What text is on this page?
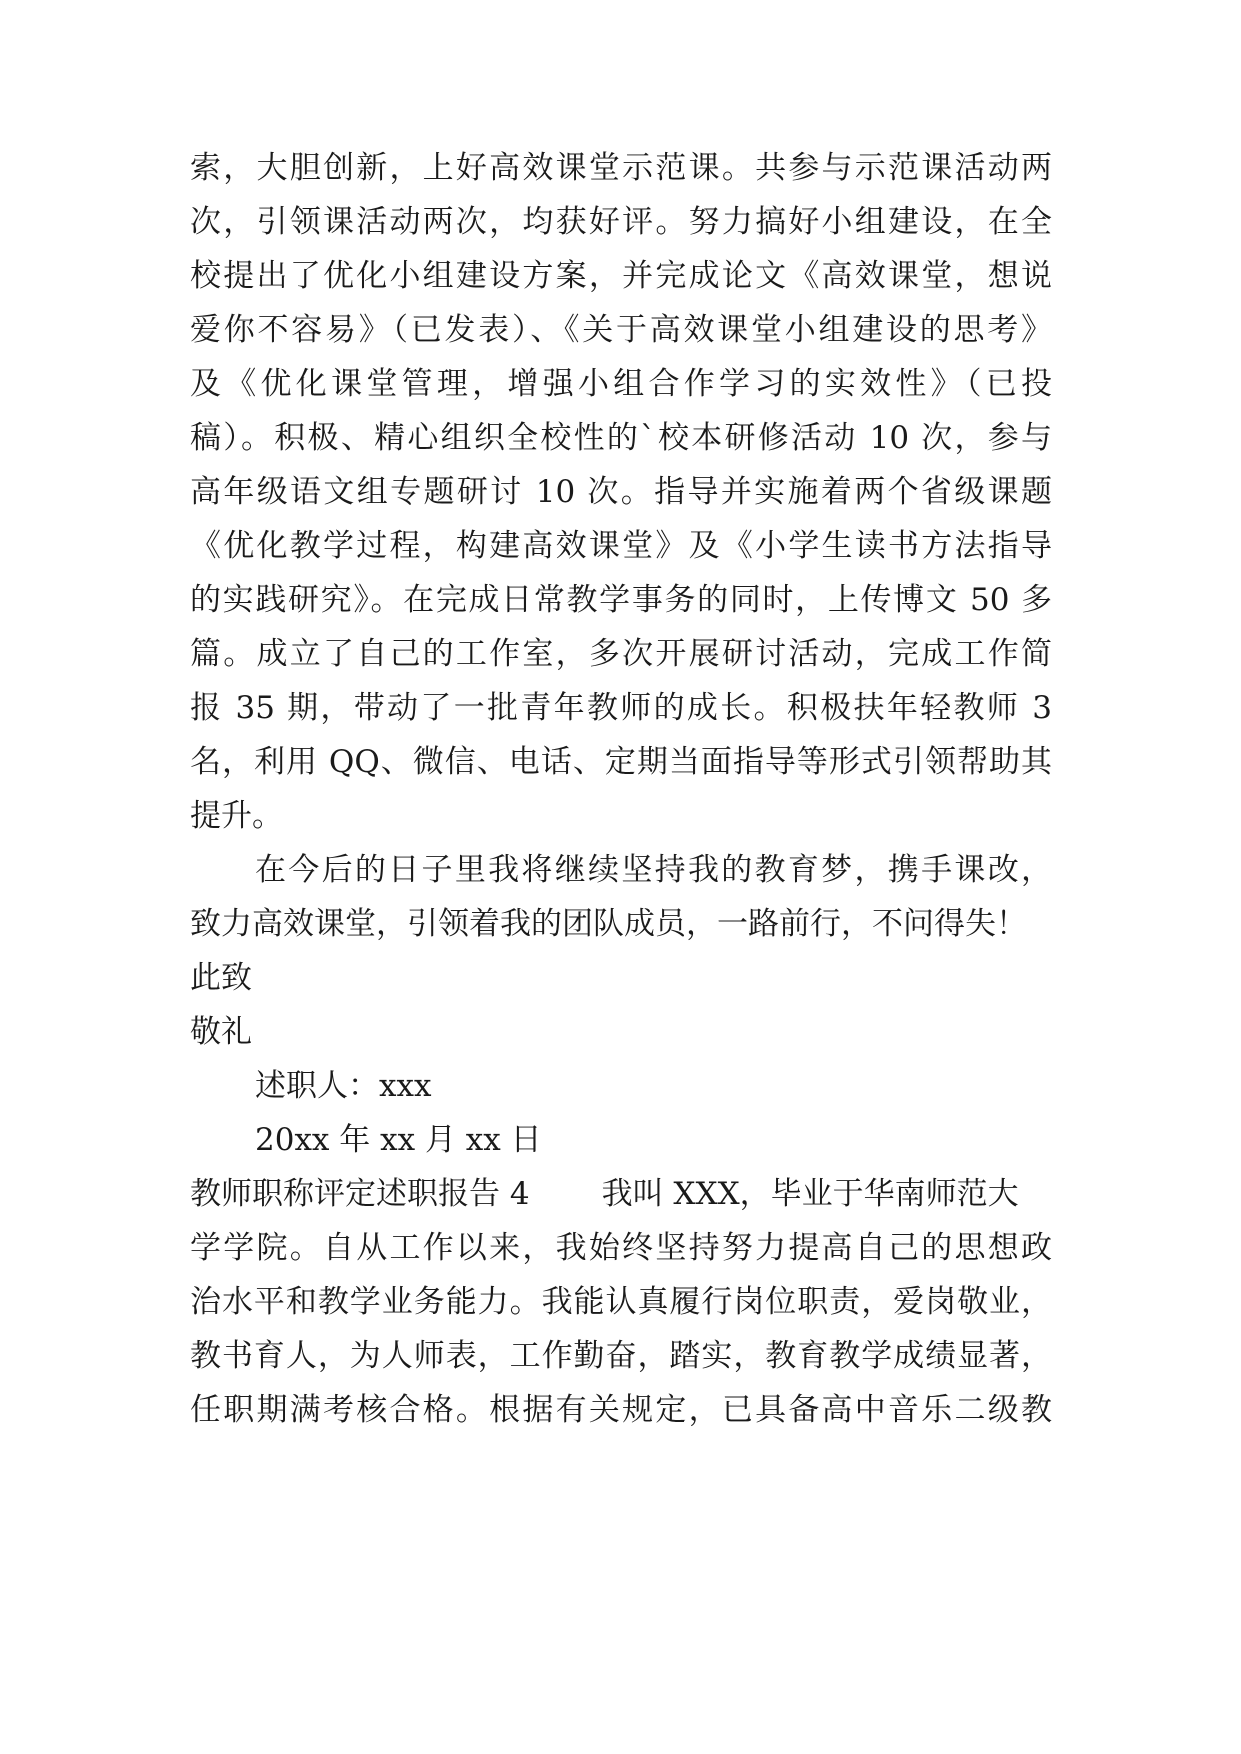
索，大胆创新，上好高效课堂示范课。共参与示范课活动两
次，引领课活动两次，均获好评。努力搞好小组建设，在全
校提出了优化小组建设方案，并完成论文《高效课堂，想说
爱你不容易》（已发表）、《关于高效课堂小组建设的思考》
及《优化课堂管理，增强小组合作学习的实效性》（已投
稿）。积极、精心组织全校性的`校本研修活动 10 次，参与
高年级语文组专题研讨 10 次。指导并实施着两个省级课题
《优化教学过程，构建高效课堂》及《小学生读书方法指导
的实践研究》。在完成日常教学事务的同时，上传博文 50 多
篇。成立了自己的工作室，多次开展研讨活动，完成工作简
报 35 期，带动了一批青年教师的成长。积极扶年轻教师 3
名，利用 QQ、微信、电话、定期当面指导等形式引领帮助其
提升。
在今后的日子里我将继续坚持我的教育梦，携手课改，
致力高效课堂，引领着我的团队成员，一路前行，不问得失！
此致
敬礼
述职人：xxx
20xx 年 xx 月 xx 日
教师职称评定述职报告 4 我叫 XXX，毕业于华南师范大
学学院。自从工作以来，我始终坚持努力提高自己的思想政
治水平和教学业务能力。我能认真履行岗位职责，爱岗敬业，
教书育人，为人师表，工作勤奋，踏实，教育教学成绩显著，
任职期满考核合格。根据有关规定，已具备高中音乐二级教
